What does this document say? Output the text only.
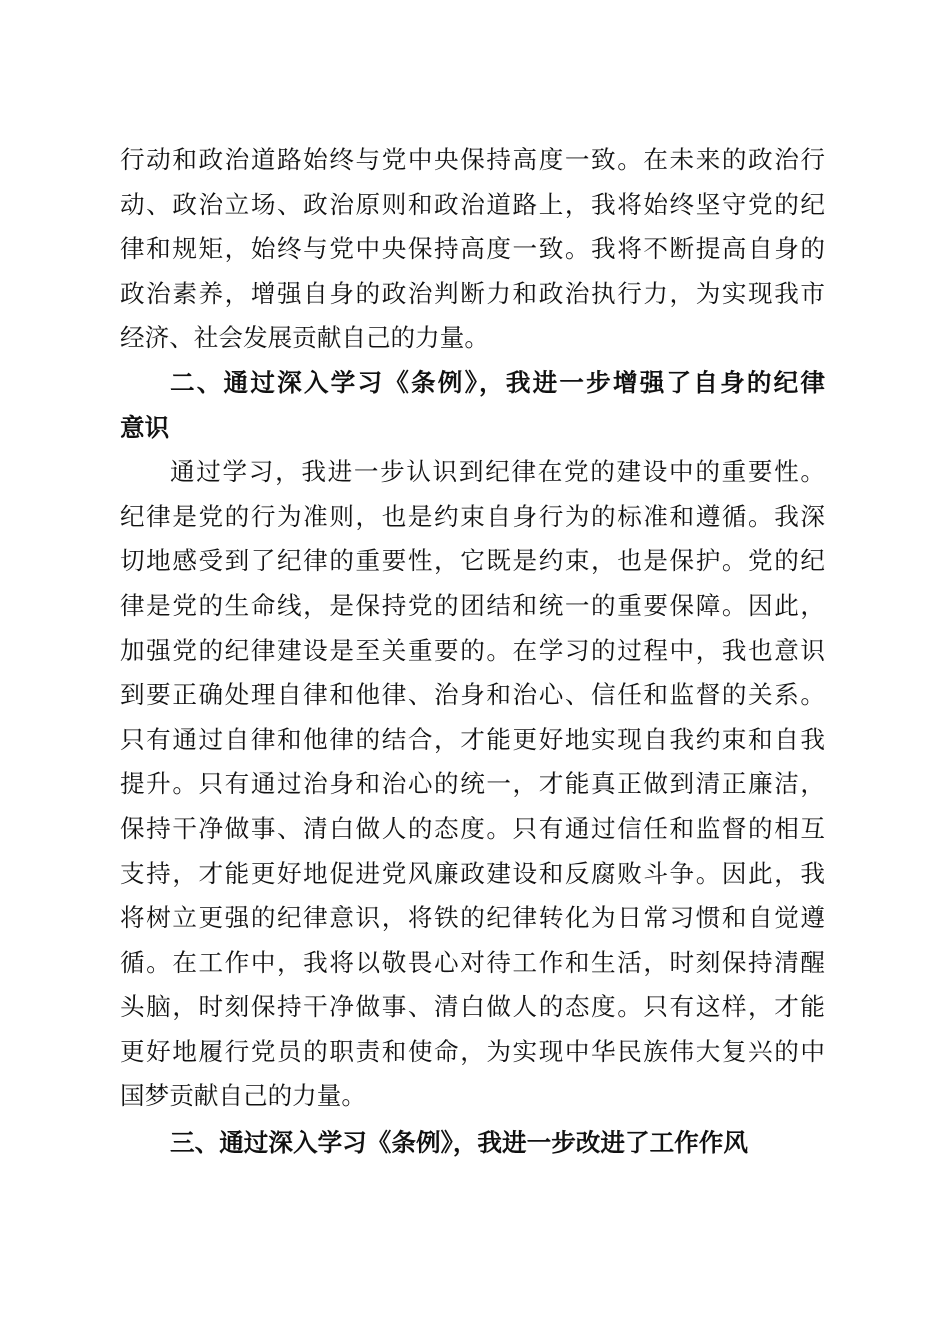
行动和政治道路始终与党中央保持高度一致。在未来的政治行
动、政治立场、政治原则和政治道路上，我将始终坚守党的纪
律和规矩，始终与党中央保持高度一致。我将不断提高自身的
政治素养，增强自身的政治判断力和政治执行力，为实现我市
经济、社会发展贡献自己的力量。
二、通过深入学习《条例》，我进一步增强了自身的纪律
意识
通过学习，我进一步认识到纪律在党的建设中的重要性。
纪律是党的行为准则，也是约束自身行为的标准和遵循。我深
切地感受到了纪律的重要性，它既是约束，也是保护。党的纪
律是党的生命线，是保持党的团结和统一的重要保障。因此，
加强党的纪律建设是至关重要的。在学习的过程中，我也意识
到要正确处理自律和他律、治身和治心、信任和监督的关系。
只有通过自律和他律的结合，才能更好地实现自我约束和自我
提升。只有通过治身和治心的统一，才能真正做到清正廉洁，
保持干净做事、清白做人的态度。只有通过信任和监督的相互
支持，才能更好地促进党风廉政建设和反腐败斗争。因此，我
将树立更强的纪律意识，将铁的纪律转化为日常习惯和自觉遵
循。在工作中，我将以敬畏心对待工作和生活，时刻保持清醒
头脑，时刻保持干净做事、清白做人的态度。只有这样，才能
更好地履行党员的职责和使命，为实现中华民族伟大复兴的中
国梦贡献自己的力量。
三、通过深入学习《条例》，我进一步改进了工作作风
